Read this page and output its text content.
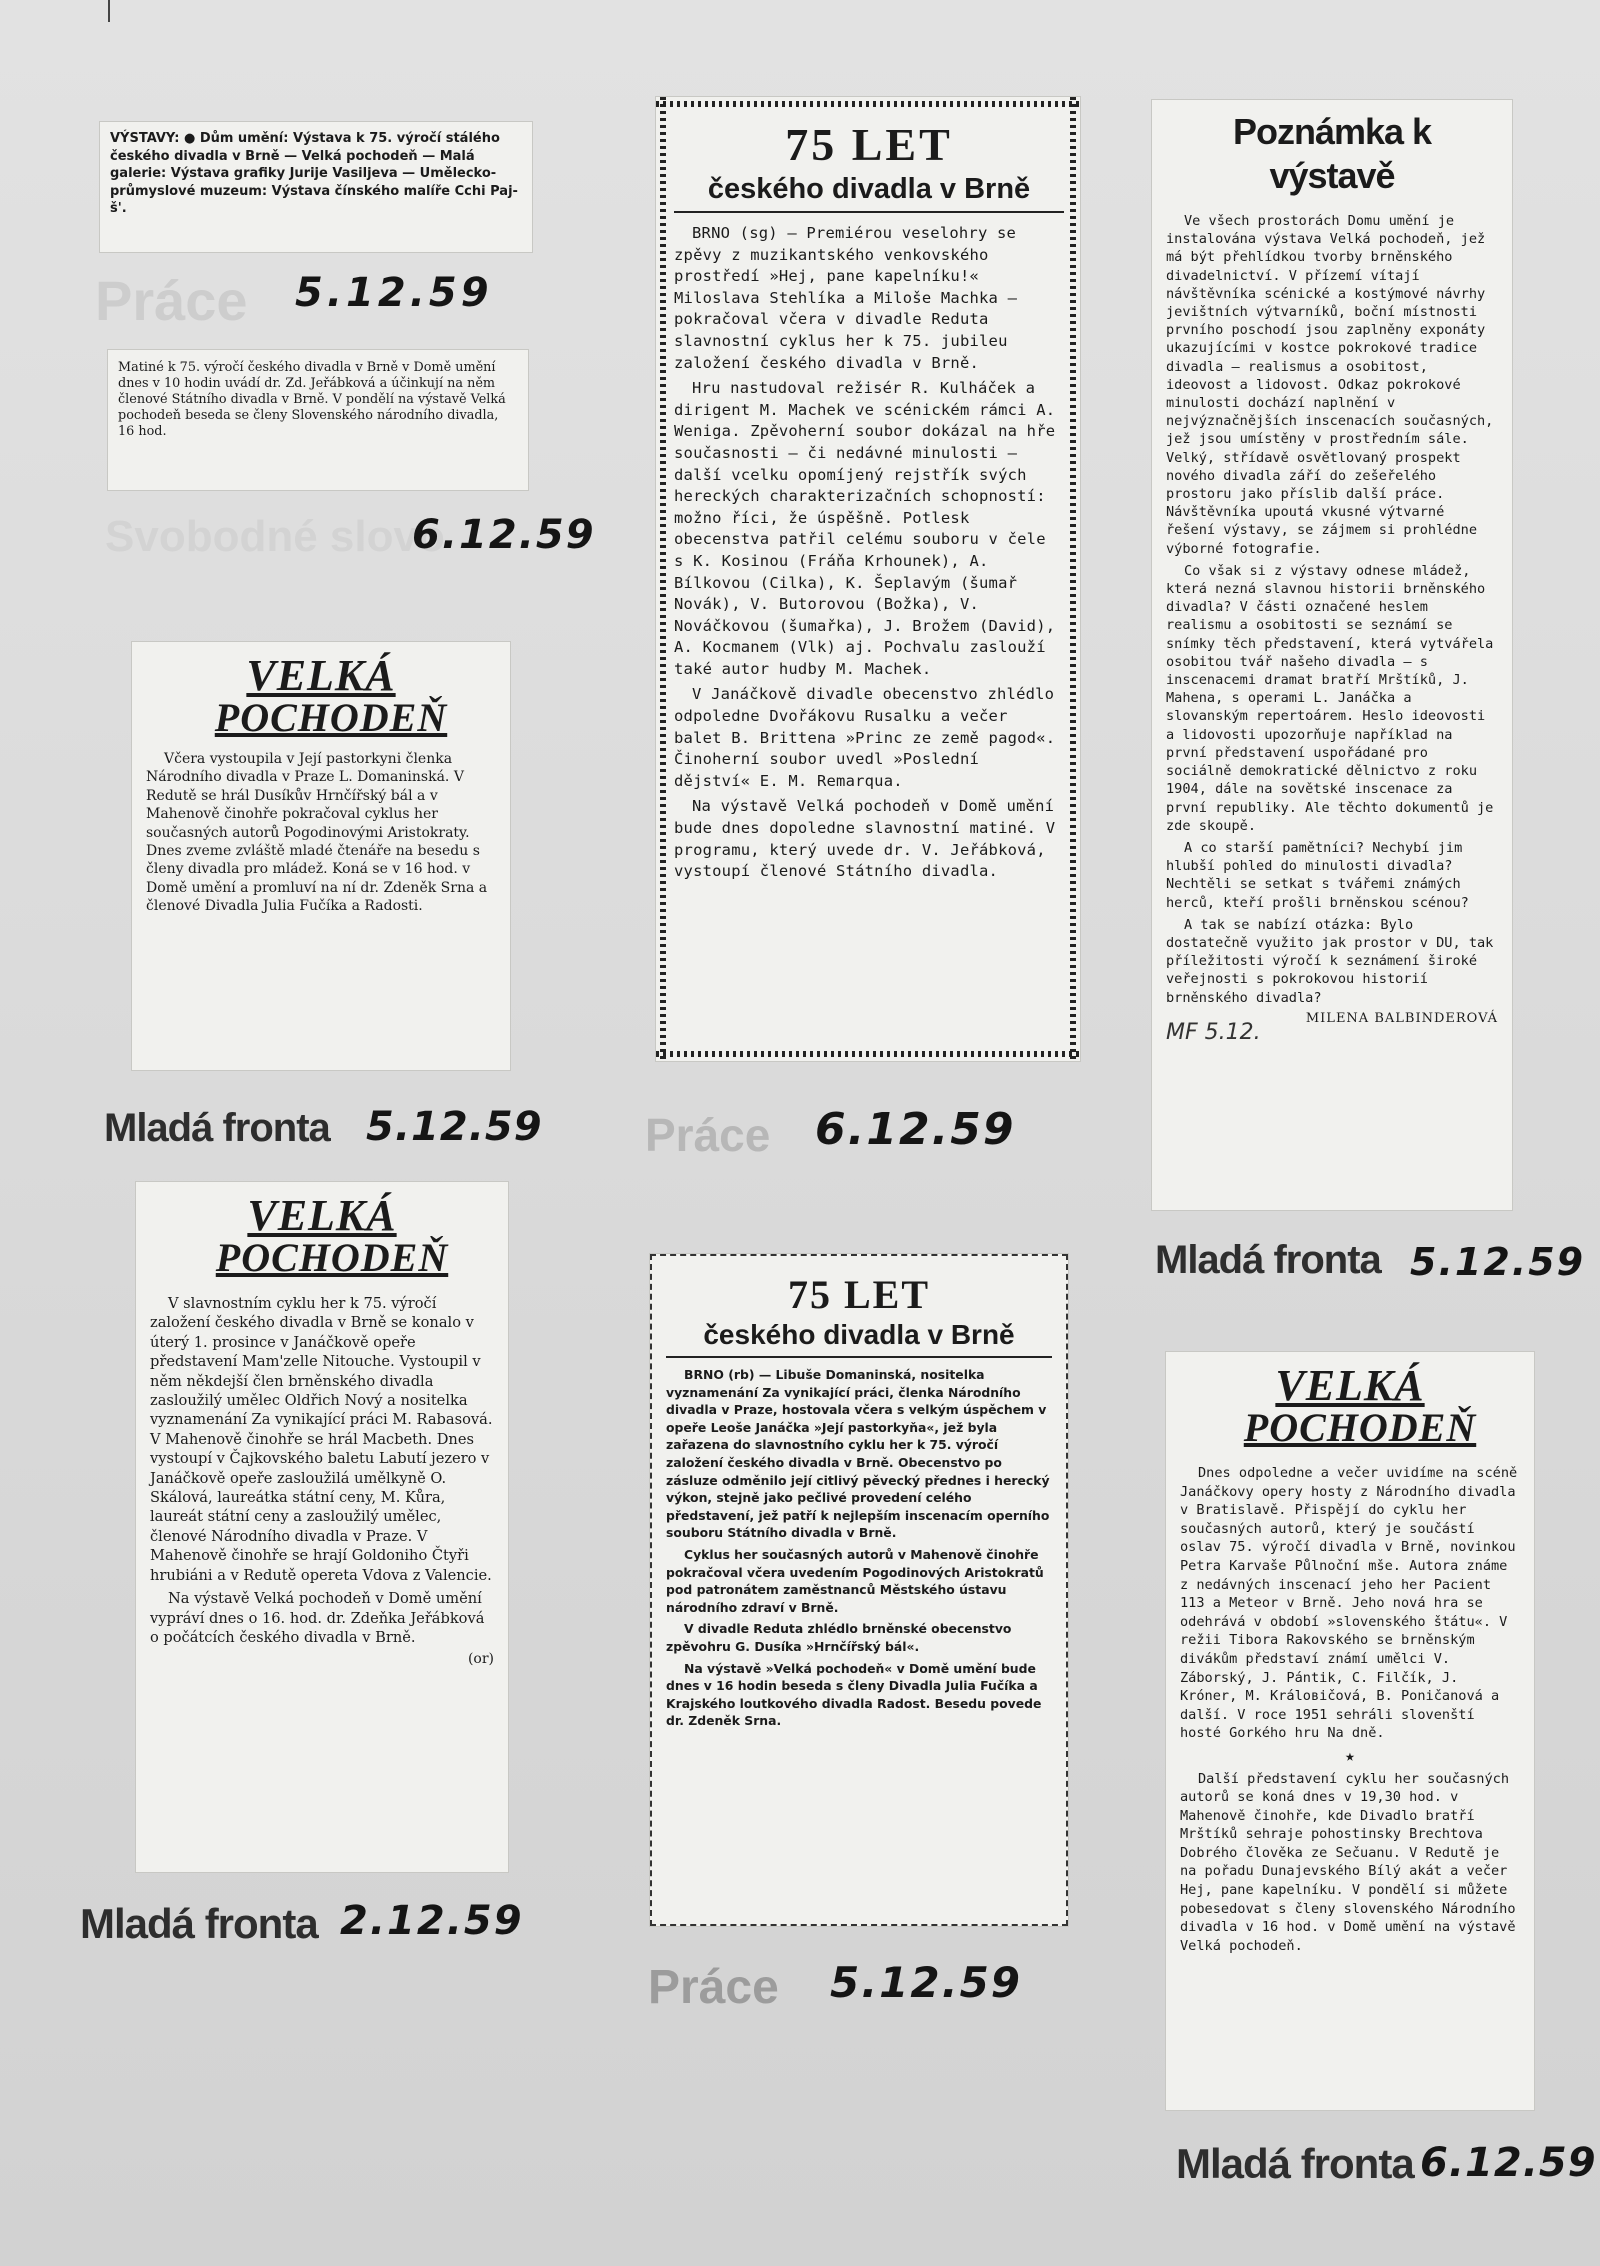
VÝSTAVY: ● Dům umění: Výstava k 75. výročí stálého českého divadla v Brně — Velká pochodeň — Malá galerie: Výstava grafiky Jurije Vasiljeva — Uměleckoprůmyslové muzeum: Výstava čínského malíře Cchi Paj-š'.
Práce 5.12.59
Matiné k 75. výročí českého divadla v Brně v Domě umění dnes v 10 hodin uvádí dr. Zd. Jeřábková a účinkují na něm členové Státního divadla v Brně. V pondělí na výstavě Velká pochodeň beseda se členy Slovenského národního divadla, 16 hod.
Svobodné slovo
6.12.59
VELKÁ
POCHODEŇ
Včera vystoupila v Její pastorkyni členka Národního divadla v Praze L. Domaninská. V Redutě se hrál Dusíkův Hrnčířský bál a v Mahenově činohře pokračoval cyklus her současných autorů Pogodinovými Aristokraty. Dnes zveme zvláště mladé čtenáře na besedu s členy divadla pro mládež. Koná se v 16 hod. v Domě umění a promluví na ní dr. Zdeněk Srna a členové Divadla Julia Fučíka a Radosti.
Mladá fronta 5.12.59
75 LET
českého divadla v Brně

BRNO (sg) — Premiérou veselohry se zpěvy z muzikantského venkovského prostředí »Hej, pane kapelníku!« Miloslava Stehlíka a Miloše Machka — pokračoval včera v divadle Reduta slavnostní cyklus her k 75. jubileu založení českého divadla v Brně.

Hru nastudoval režisér R. Kulháček a dirigent M. Machek ve scénickém rámci A. Weniga. Zpěvoherní soubor dokázal na hře současnosti — či nedávné minulosti — další vcelku opomíjený rejstřík svých hereckých charakterizačních schopností: možno říci, že úspěšně. Potlesk obecenstva patřil celému souboru v čele s K. Kosinou (Fráňa Krhounek), A. Bílkovou (Cilka), K. Šeplavým (šumař Novák), V. Butorovou (Božka), V. Nováčkovou (šumařka), J. Brožem (David), A. Kocmanem (Vlk) aj. Pochvalu zaslouží také autor hudby M. Machek.

V Janáčkově divadle obecenstvo zhlédlo odpoledne Dvořákovu Rusalku a večer balet B. Brittena »Princ ze země pagod«. Činoherní soubor uvedl »Poslední dějství« E. M. Remarqua.

Na výstavě Velká pochodeň v Domě umění bude dnes dopoledne slavnostní matiné. V programu, který uvede dr. V. Jeřábková, vystoupí členové Státního divadla.

Práce 6.12.59
Poznámka k výstavě

Ve všech prostorách Domu umění je instalována výstava Velká pochodeň, jež má být přehlídkou tvorby brněnského divadelnictví. V přízemí vítají návštěvníka scénické a kostýmové návrhy jevištních výtvarníků, boční místnosti prvního poschodí jsou zaplněny exponáty ukazujícími v kostce pokrokové tradice divadla — realismus a osobitost, ideovost a lidovost. Odkaz pokrokové minulosti dochází naplnění v nejvýznačnějších inscenacích současných, jež jsou umístěny v prostředním sále. Velký, střídavě osvětlovaný prospekt nového divadla září do zešeřelého prostoru jako příslib další práce. Návštěvníka upoutá vkusné výtvarné řešení výstavy, se zájmem si prohlédne výborné fotografie.

Co však si z výstavy odnese mládež, která nezná slavnou historii brněnského divadla? V části označené heslem realismu a osobitosti se seznámí se snímky těch představení, která vytvářela osobitou tvář našeho divadla — s inscenacemi dramat bratří Mrštíků, J. Mahena, s operami L. Janáčka a slovanským repertoárem. Heslo ideovosti a lidovosti upozorňuje například na první představení uspořádané pro sociálně demokratické dělnictvo z roku 1904, dále na sovětské inscenace za první republiky. Ale těchto dokumentů je zde skoupě.

A co starší pamětníci? Nechybí jim hlubší pohled do minulosti divadla? Nechtěli se setkat s tvářemi známých herců, kteří prošli brněnskou scénou?

A tak se nabízí otázka: Bylo dostatečně využito jak prostor v DU, tak příležitosti výročí k seznámení široké veřejnosti s pokrokovou historií brněnského divadla?

MILENA BALBINDEROVÁ
MF 5.12.
Mladá fronta 5.12.59
VELKÁ
POCHODEŇ

V slavnostním cyklu her k 75. výročí založení českého divadla v Brně se konalo v úterý 1. prosince v Janáčkově opeře představení Mam'zelle Nitouche. Vystoupil v něm někdejší člen brněnského divadla zasloužilý umělec Oldřich Nový a nositelka vyznamenání Za vynikající práci M. Rabasová. V Mahenově činohře se hrál Macbeth. Dnes vystoupí v Čajkovského baletu Labutí jezero v Janáčkově opeře zasloužilá umělkyně O. Skálová, laureátka státní ceny, M. Kůra, laureát státní ceny a zasloužilý umělec, členové Národního divadla v Praze. V Mahenově činohře se hrají Goldoniho Čtyři hrubiáni a v Redutě opereta Vdova z Valencie.

Na výstavě Velká pochodeň v Domě umění vypráví dnes o 16. hod. dr. Zdeňka Jeřábková o počátcích českého divadla v Brně.

(or)
Mladá fronta 2.12.59
75 LET
českého divadla v Brně

BRNO (rb) — Libuše Domaninská, nositelka vyznamenání Za vynikající práci, členka Národního divadla v Praze, hostovala včera s velkým úspěchem v opeře Leoše Janáčka »Její pastorkyňa«, jež byla zařazena do slavnostního cyklu her k 75. výročí založení českého divadla v Brně. Obecenstvo po zásluze odměnilo její citlivý pěvecký přednes i herecký výkon, stejně jako pečlivé provedení celého představení, jež patří k nejlepším inscenacím operního souboru Státního divadla v Brně.

Cyklus her současných autorů v Mahenově činohře pokračoval včera uvedením Pogodinových Aristokratů pod patronátem zaměstnanců Městského ústavu národního zdraví v Brně.

V divadle Reduta zhlédlo brněnské obecenstvo zpěvohru G. Dusíka »Hrnčířský bál«.

Na výstavě »Velká pochodeň« v Domě umění bude dnes v 16 hodin beseda s členy Divadla Julia Fučíka a Krajského loutkového divadla Radost. Besedu povede dr. Zdeněk Srna.

Práce 5.12.59
VELKÁ
POCHODEŇ

Dnes odpoledne a večer uvidíme na scéně Janáčkovy opery hosty z Národního divadla v Bratislavě. Přispějí do cyklu her současných autorů, který je součástí oslav 75. výročí divadla v Brně, novinkou Petra Karvaše Půlnoční mše. Autora známe z nedávných inscenací jeho her Pacient 113 a Meteor v Brně. Jeho nová hra se odehrává v období »slovenského štátu«. V režii Tibora Rakovského se brněnským divákům představí známí umělci V. Záborský, J. Pántik, C. Filčík, J. Króner, M. Králoвičová, B. Poničanová a další. V roce 1951 sehráli slovenští hosté Gorkého hru Na dně.

★

Další představení cyklu her současných autorů se koná dnes v 19,30 hod. v Mahenově činohře, kde Divadlo bratří Mrštíků sehraje pohostinsky Brechtova Dobrého člověka ze Sečuanu. V Redutě je na pořadu Dunajevského Bílý akát a večer Hej, pane kapelníku. V pondělí si můžete pobesedovat s členy slovenského Národního divadla v 16 hod. v Domě umění na výstavě Velká pochodeň.

Mladá fronta 6.12.59
